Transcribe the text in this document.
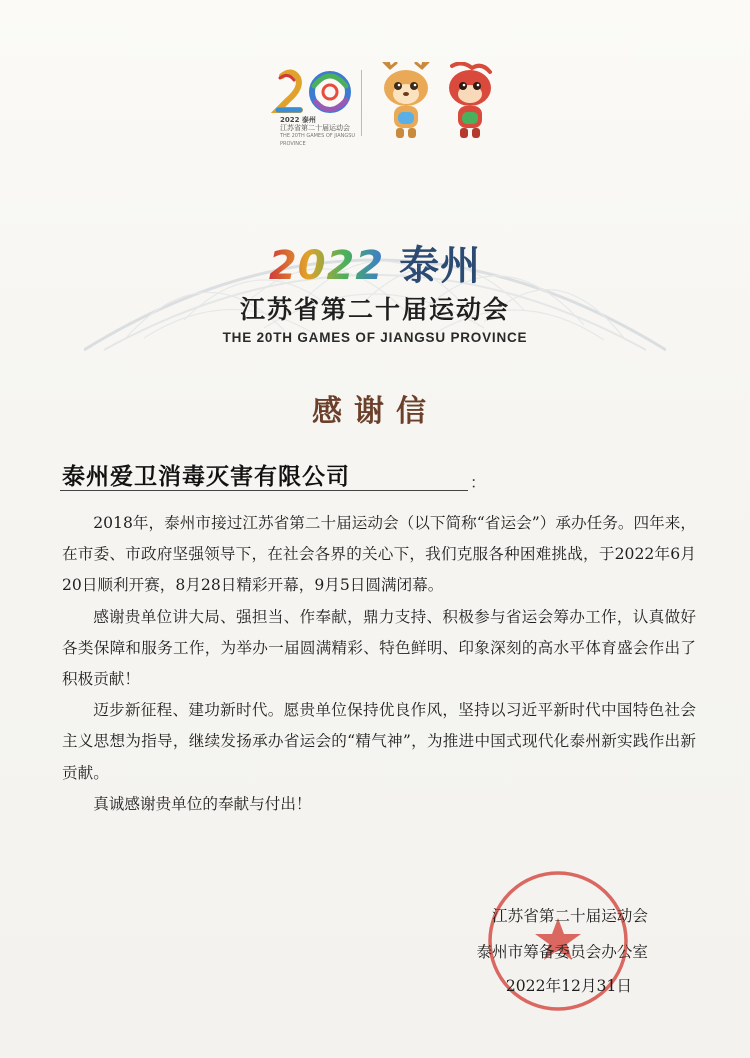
2022 泰州
江苏省第二十届运动会
THE 20TH GAMES OF JIANGSU PROVINCE
2022 泰州
江苏省第二十届运动会
THE 20TH GAMES OF JIANGSU PROVINCE
感谢信
泰州爱卫消毒灭害有限公司	：

2018年，泰州市接过江苏省第二十届运动会（以下简称“省运会”）承办任务。四年来，在市委、市政府坚强领导下，在社会各界的关心下，我们克服各种困难挑战，于2022年6月20日顺利开赛，8月28日精彩开幕，9月5日圆满闭幕。

感谢贵单位讲大局、强担当、作奉献，鼎力支持、积极参与省运会筹办工作，认真做好各类保障和服务工作，为举办一届圆满精彩、特色鲜明、印象深刻的高水平体育盛会作出了积极贡献！

迈步新征程、建功新时代。愿贵单位保持优良作风，坚持以习近平新时代中国特色社会主义思想为指导，继续发扬承办省运会的“精气神”，为推进中国式现代化泰州新实践作出新贡献。

真诚感谢贵单位的奉献与付出！

江苏省第二十届运动会
泰州市筹备委员会办公室
2022年12月31日
